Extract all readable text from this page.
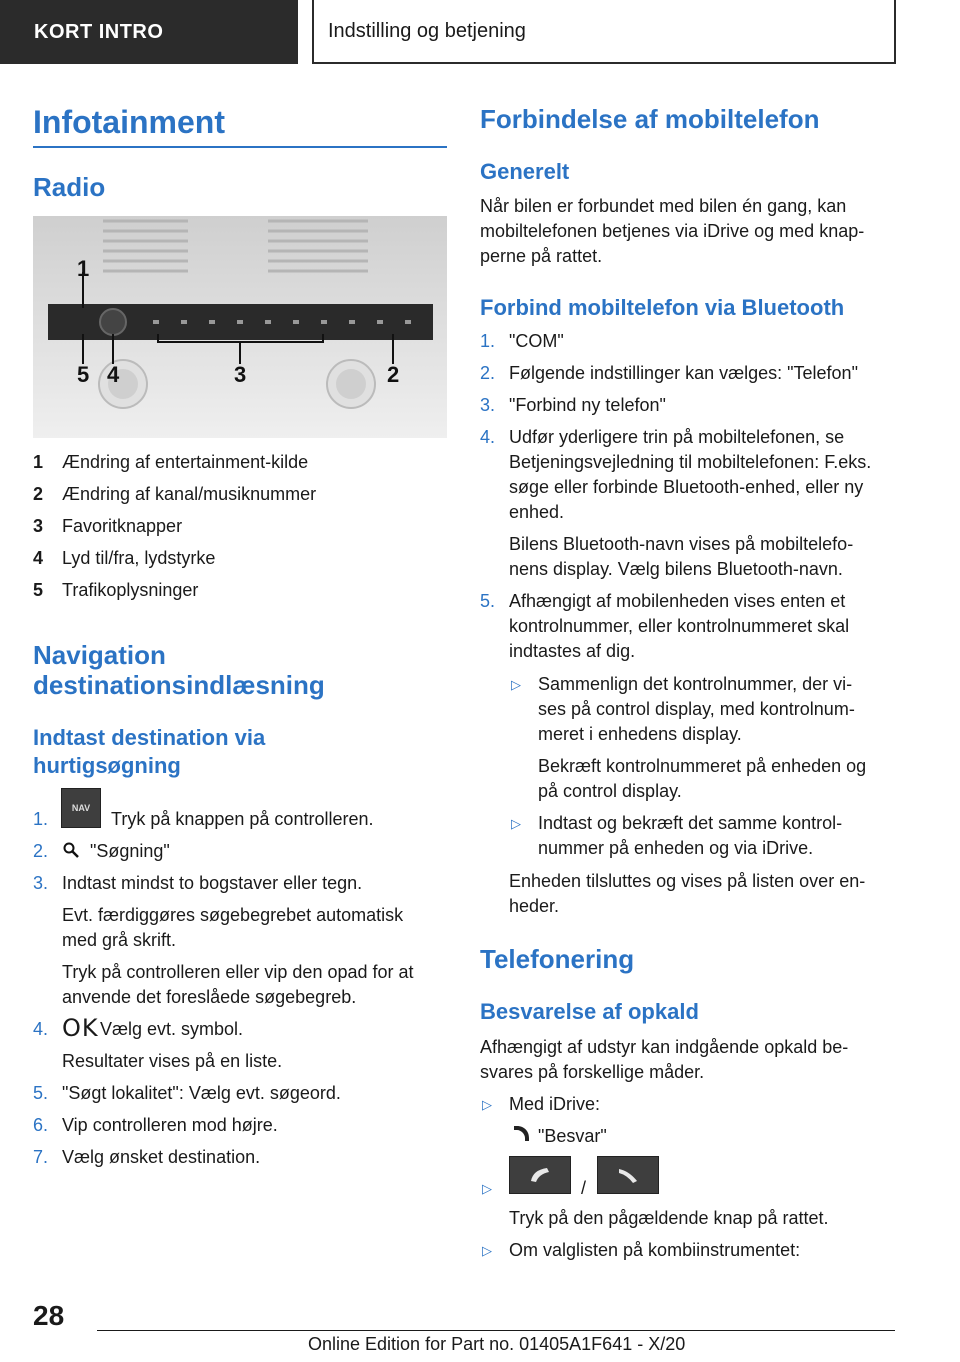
KORT INTRO	Indstilling og betjening
Infotainment
Radio
1
5 4	3	2
1 Ændring af entertainment-kilde
2 Ændring af kanal/musiknummer
3 Favoritknapper
4 Lyd til/fra, lydstyrke
5 Trafikoplysninger
Navigation
destinationsindlæsning
Indtast destination via
hurtigsøgning
1.
NAV
Tryk på knappen på controlleren.
2. "Søgning"
3. Indtast mindst to bogstaver eller tegn.
Evt. færdiggøres søgebegrebet automatisk
med grå skrift.
Tryk på controlleren eller vip den opad for at
anvende det foreslåede søgebegreb.
4. OK Vælg evt. symbol.
Resultater vises på en liste.
5. "Søgt lokalitet": Vælg evt. søgeord.
6. Vip controlleren mod højre.
7. Vælg ønsket destination.
Forbindelse af mobiltelefon
Generelt
Når bilen er forbundet med bilen én gang, kan
mobiltelefonen betjenes via iDrive og med knap-
perne på rattet.
Forbind mobiltelefon via Bluetooth
1. "COM"
2. Følgende indstillinger kan vælges: "Telefon"
3. "Forbind ny telefon"
4. Udfør yderligere trin på mobiltelefonen, se
Betjeningsvejledning til mobiltelefonen: F.eks.
søge eller forbinde Bluetooth-enhed, eller ny
enhed.
Bilens Bluetooth-navn vises på mobiltelefo-
nens display. Vælg bilens Bluetooth-navn.
5. Afhængigt af mobilenheden vises enten et
kontrolnummer, eller kontrolnummeret skal
indtastes af dig.
▷ Sammenlign det kontrolnummer, der vi-
ses på control display, med kontrolnum-
meret i enhedens display.
Bekræft kontrolnummeret på enheden og
på control display.
▷ Indtast og bekræft det samme kontrol-
nummer på enheden og via iDrive.
Enheden tilsluttes og vises på listen over en-
heder.
Telefonering
Besvarelse af opkald
Afhængigt af udstyr kan indgående opkald be-
svares på forskellige måder.
▷ Med iDrive:
"Besvar"
▷	/
Tryk på den pågældende knap på rattet.
▷ Om valglisten på kombiinstrumentet:
28
Online Edition for Part no. 01405A1F641 - X/20
